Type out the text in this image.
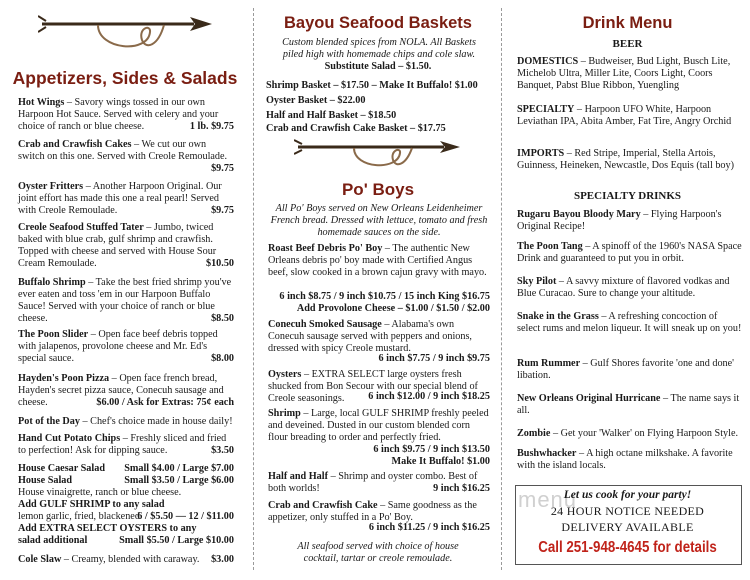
Appetizers, Sides & Salads
Hot Wings – Savory wings tossed in our own Harpoon Hot Sauce. Served with celery and your choice of ranch or blue cheese.	1 lb. $9.75
Crab and Crawfish Cakes – We cut our own switch on this one. Served with Creole Remoulade.
$9.75
Oyster Fritters – Another Harpoon Original. Our joint effort has made this one a real pearl! Served with Creole Remoulade.	$9.75
Creole Seafood Stuffed Tater – Jumbo, twiced baked with blue crab, gulf shrimp and crawfish. Topped with cheese and served with House Sour Cream Remoulade.	$10.50
Buffalo Shrimp – Take the best fried shrimp you've ever eaten and toss 'em in our Harpoon Buffalo Sauce! Served with your choice of ranch or blue cheese.	$8.50
The Poon Slider – Open face beef debris topped with jalapenos, provolone cheese and Mr. Ed's special sauce.	$8.00
Hayden's Poon Pizza – Open face french bread, Hayden's secret pizza sauce, Conecuh sausage and cheese.	$6.00 / Ask for Extras: 75¢ each
Pot of the Day – Chef's choice made in house daily!
Hand Cut Potato Chips – Freshly sliced and fried to perfection! Ask for dipping sauce.	$3.50
House Caesar Salad Small $4.00 / Large $7.00
House Salad	Small $3.50 / Large $6.00
House vinaigrette, ranch or blue cheese.
Add GULF SHRIMP to any salad
lemon garlic, fried, blackened
6 / $5.50 — 12 / $11.00
Add EXTRA SELECT OYSTERS to any
salad additional	Small $5.50 / Large $10.00
Cole Slaw – Creamy, blended with caraway. $3.00
Bayou Seafood Baskets
Custom blended spices from NOLA. All Baskets piled high with homemade chips and cole slaw.
Substitute Salad – $1.50.
Shrimp Basket – $17.50 – Make It Buffalo! $1.00
Oyster Basket – $22.00
Half and Half Basket – $18.50
Crab and Crawfish Cake Basket – $17.75
Po' Boys
All Po' Boys served on New Orleans Leidenheimer French bread. Dressed with lettuce, tomato and fresh homemade sauces on the side.
Roast Beef Debris Po' Boy – The authentic New Orleans debris po' boy made with Certified Angus beef, slow cooked in a brown cajun gravy with mayo.
6 inch $8.75 / 9 inch $10.75 / 15 inch King $16.75
Add Provolone Cheese – $1.00 / $1.50 / $2.00
Conecuh Smoked Sausage – Alabama's own Conecuh sausage served with peppers and onions, dressed with spicy Creole mustard.
6 inch $7.75 / 9 inch $9.75
Oysters – EXTRA SELECT large oysters fresh shucked from Bon Secour with our special blend of Creole seasonings. 6 inch $12.00 / 9 inch $18.25
Shrimp – Large, local GULF SHRIMP freshly peeled and deveined. Dusted in our custom blended corn flour breading to order and perfectly fried.
6 inch $9.75 / 9 inch $13.50
Make It Buffalo! $1.00
Half and Half – Shrimp and oyster combo. Best of both worlds!	9 inch $16.25
Crab and Crawfish Cake – Same goodness as the appetizer, only stuffed in a Po' Boy.
6 inch $11.25 / 9 inch $16.25
All seafood served with choice of house cocktail, tartar or creole remoulade.
Drink Menu
BEER
DOMESTICS – Budweiser, Bud Light, Busch Lite, Michelob Ultra, Miller Lite, Coors Light, Coors Banquet, Pabst Blue Ribbon, Yuengling
SPECIALTY – Harpoon UFO White, Harpoon Leviathan IPA, Abita Amber, Fat Tire, Angry Orchid
IMPORTS – Red Stripe, Imperial, Stella Artois, Guinness, Heineken, Newcastle, Dos Equis (tall boy)
SPECIALTY DRINKS
Rugaru Bayou Bloody Mary – Flying Harpoon's Original Recipe!
The Poon Tang – A spinoff of the 1960's NASA Space Drink and guaranteed to put you in orbit.
Sky Pilot – A savvy mixture of flavored vodkas and Blue Curacao. Sure to change your altitude.
Snake in the Grass – A refreshing concoction of select rums and melon liqueur. It will sneak up on you!
Rum Rummer – Gulf Shores favorite 'one and done' libation.
New Orleans Original Hurricane – The name says it all.
Zombie – Get your 'Walker' on Flying Harpoon Style.
Bushwhacker – A high octane milkshake. A favorite with the island locals.
menu
Let us cook for your party!
24 HOUR NOTICE NEEDED
DELIVERY AVAILABLE
Call 251-948-4645 for details
